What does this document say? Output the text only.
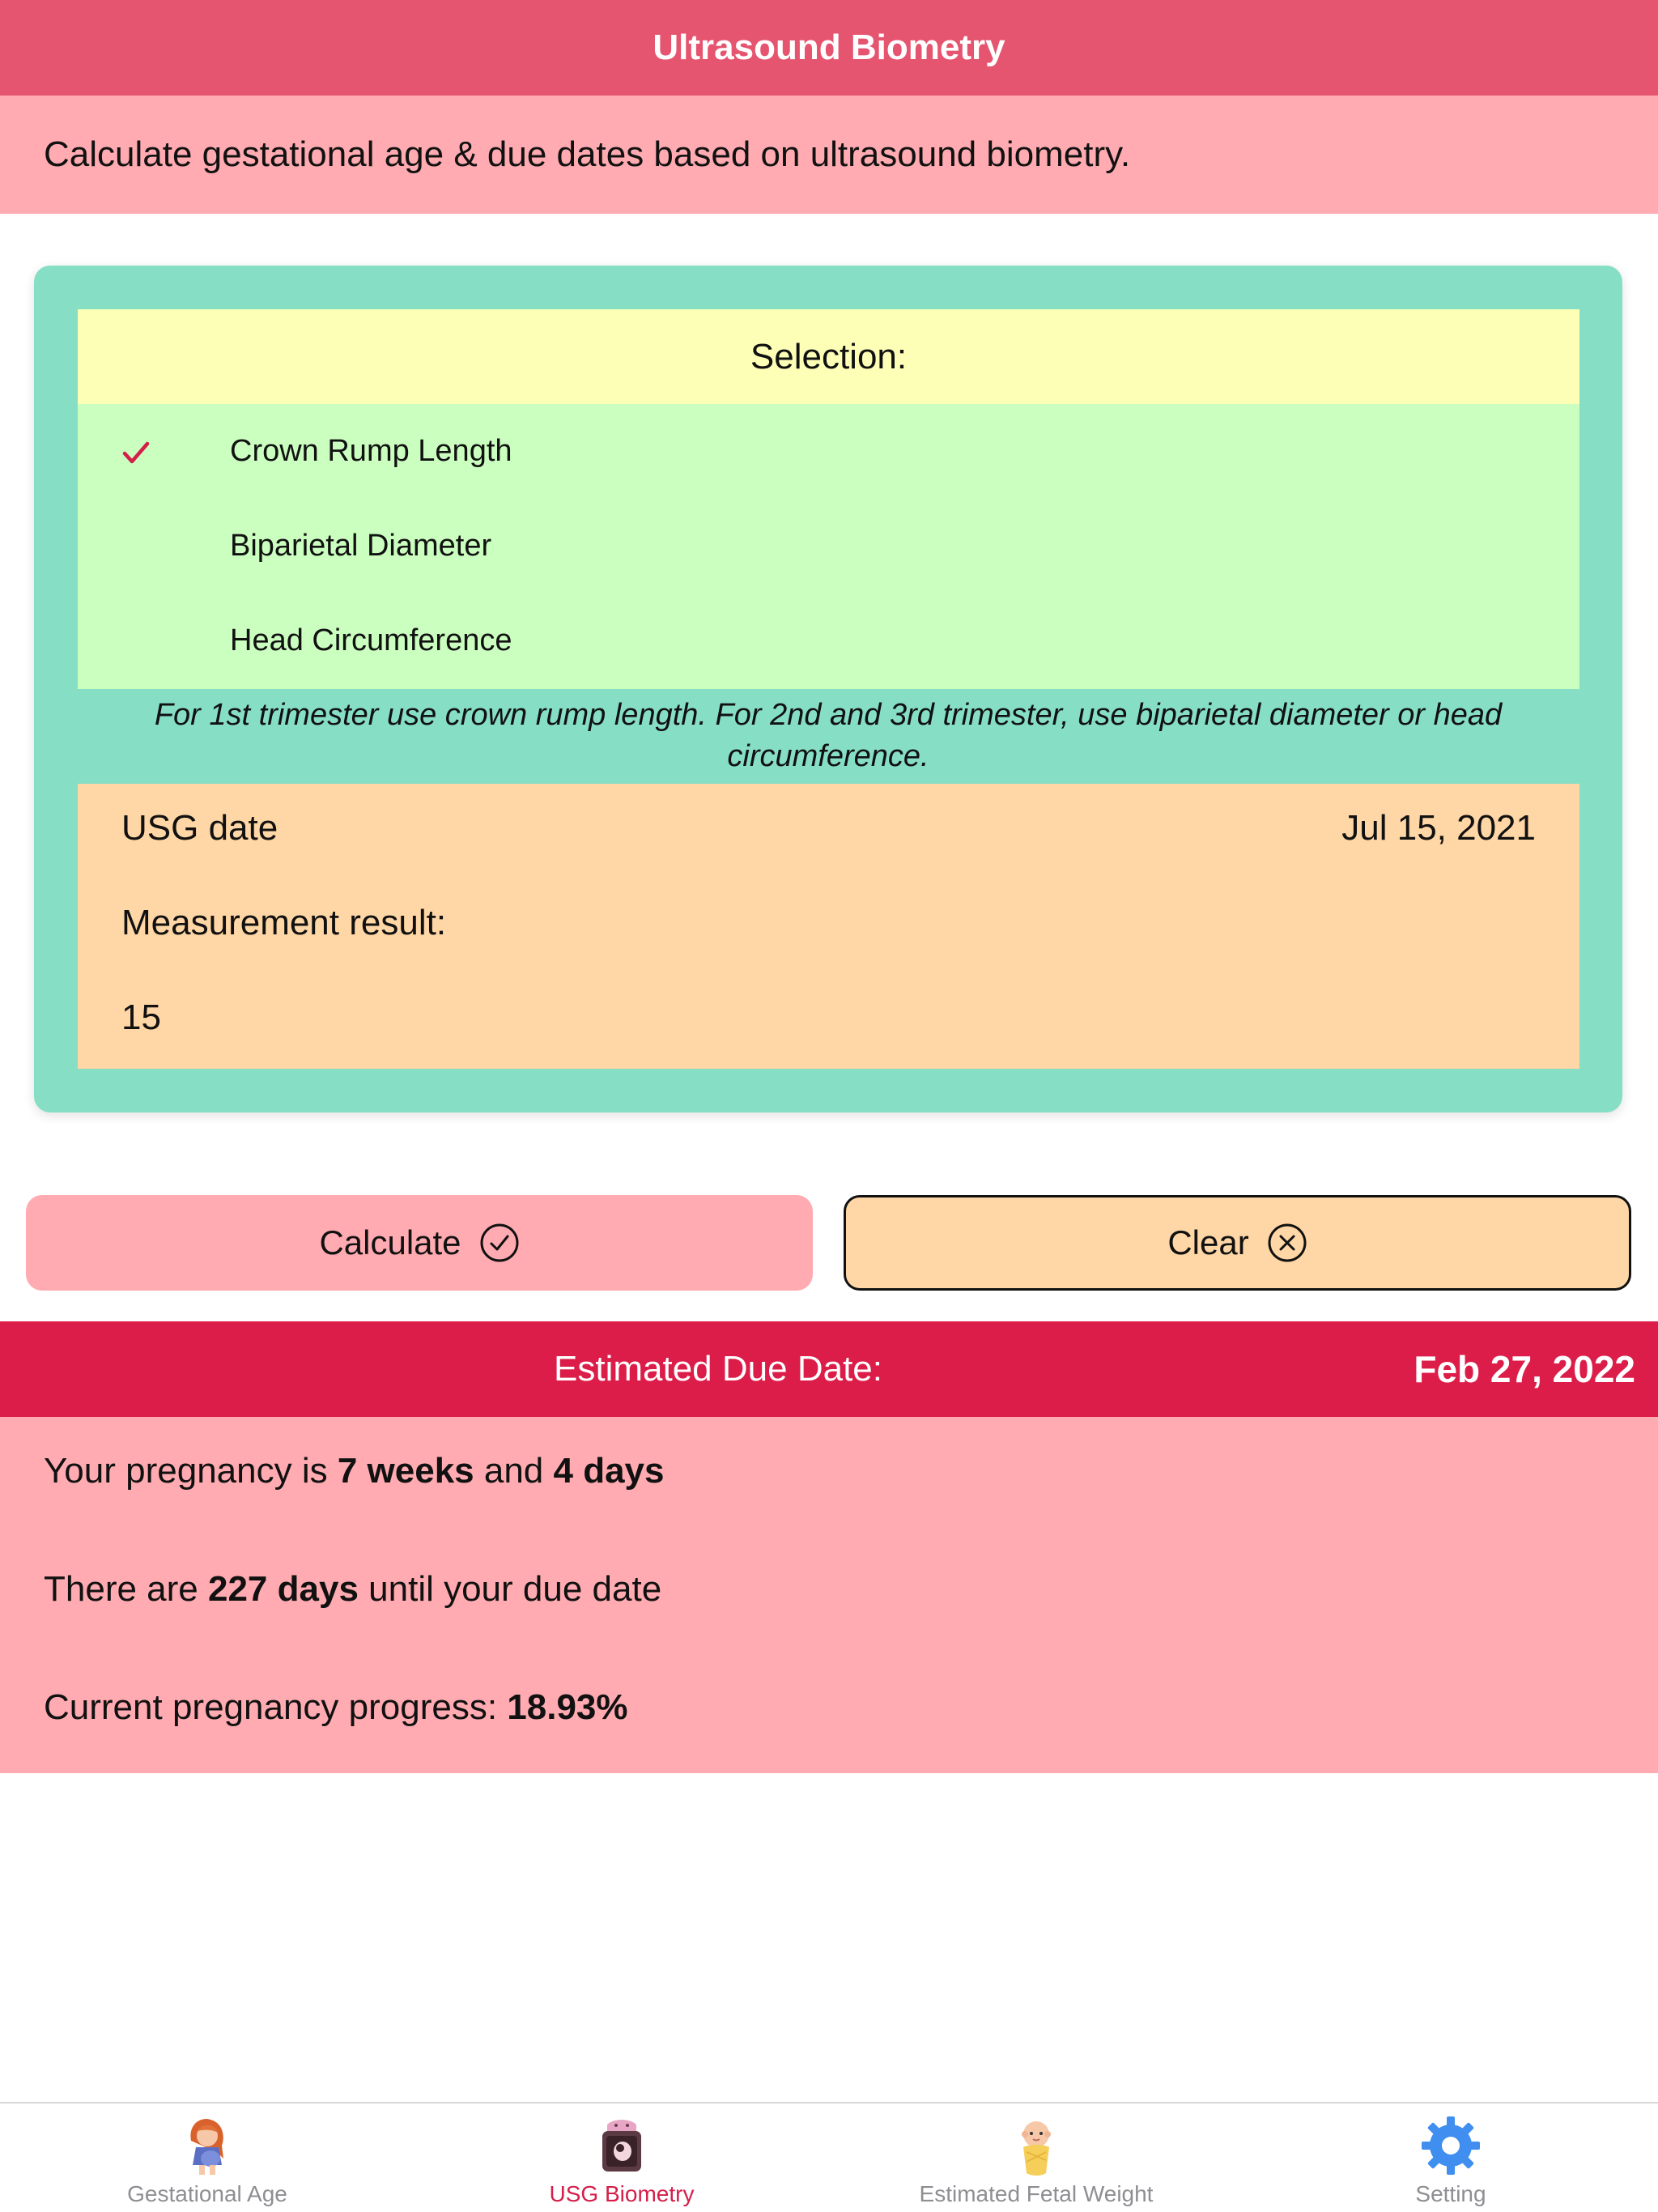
Ultrasound Biometry
Calculate gestational age & due dates based on ultrasound biometry.
Selection:
Crown Rump Length
Biparietal Diameter
Head Circumference
For 1st trimester use crown rump length. For 2nd and 3rd trimester, use biparietal diameter or head circumference.
USG date	Jul 15, 2021
Measurement result:
15
Calculate	Clear
Estimated Due Date:	Feb 27, 2022
Your pregnancy is 7 weeks and 4 days
There are 227 days until your due date
Current pregnancy progress: 18.93%
Gestational Age	USG Biometry	Estimated Fetal Weight	Setting
